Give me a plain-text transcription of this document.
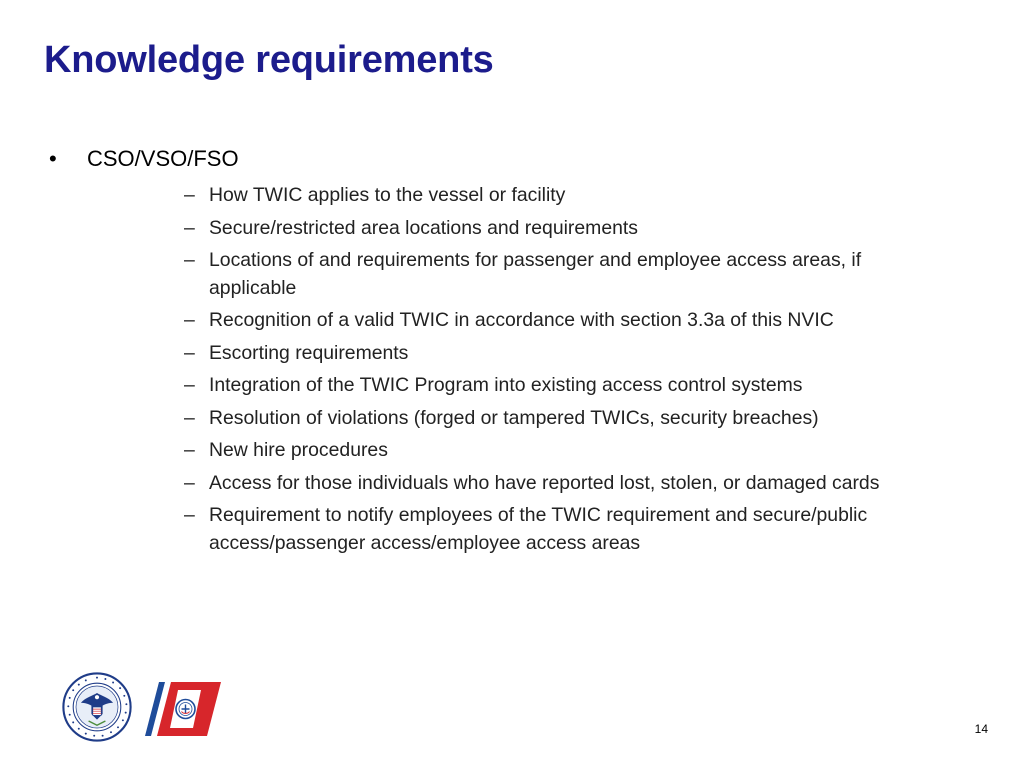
Knowledge requirements
• CSO/VSO/FSO
– How TWIC applies to the vessel or facility
– Secure/restricted area locations and requirements
– Locations of and requirements for passenger and employee access areas, if applicable
– Recognition of a valid TWIC in accordance with section 3.3a of this NVIC
– Escorting requirements
– Integration of the TWIC Program into existing access control systems
– Resolution of violations (forged or tampered TWICs, security breaches)
– New hire procedures
– Access for those individuals who have reported lost, stolen, or damaged cards
– Requirement to notify employees of the TWIC requirement and secure/public access/passenger access/employee access areas
14
